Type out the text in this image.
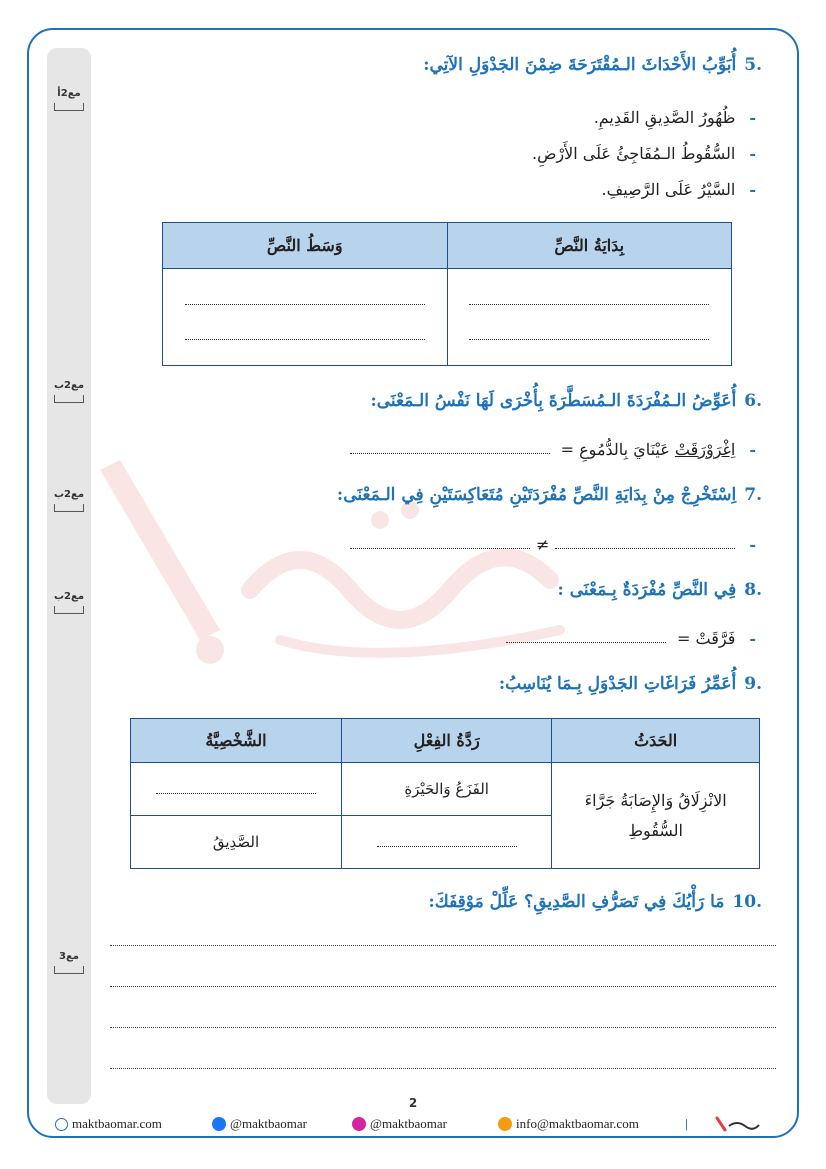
مع2أ
مع2ب
مع2ب
مع2ب
مع3
.5أُبَوِّبُ الأَحْدَاثَ الـمُقْتَرَحَةَ ضِمْنَ الجَدْوَلِ الآتِي:
-ظُهُورُ الصَّدِيقِ القَدِيمِ.
-السُّقُوطُ الـمُفَاجِئُ عَلَى الأَرْضِ.
-السَّيْرُ عَلَى الرَّصِيفِ.
بِدَايَةُ النَّصِّ	وَسَطُ النَّصِّ

.6أُعَوِّضُ الـمُفْرَدَةَ الـمُسَطَّرَةَ بِأُخْرَى لَهَا نَفْسُ الـمَعْنَى:
-اِغْرَوْرَقَتْ عَيْنَايَ بِالدُّمُوعِ =
.7اِسْتَخْرِجْ مِنْ بِدَايَةِ النَّصِّ مُفْرَدَتَيْنِ مُتَعَاكِسَتَيْنِ فِي الـمَعْنَى:
-≠
.8فِي النَّصِّ مُفْرَدَةٌ بِـمَعْنَى :
-فَرَّقَتْ =
.9أُعَمِّرُ فَرَاغَاتِ الجَدْوَلِ بِـمَا يُنَاسِبُ:
الحَدَثُ	رَدَّةُ الفِعْلِ	الشَّخْصِيَّةُ
الانْزِلَاقُ وَالإِصَابَةُ جَرَّاءَ السُّقُوطِ	الفَزَعُ وَالحَيْرَةِ	
		الصَّدِيقُ
.10مَا رَأْيُكَ فِي تَصَرُّفِ الصَّدِيقِ؟ عَلِّلْ مَوْقِفَكَ:
2
maktbaomar.com	@maktbaomar	@maktbaomar	info@maktbaomar.com	|
